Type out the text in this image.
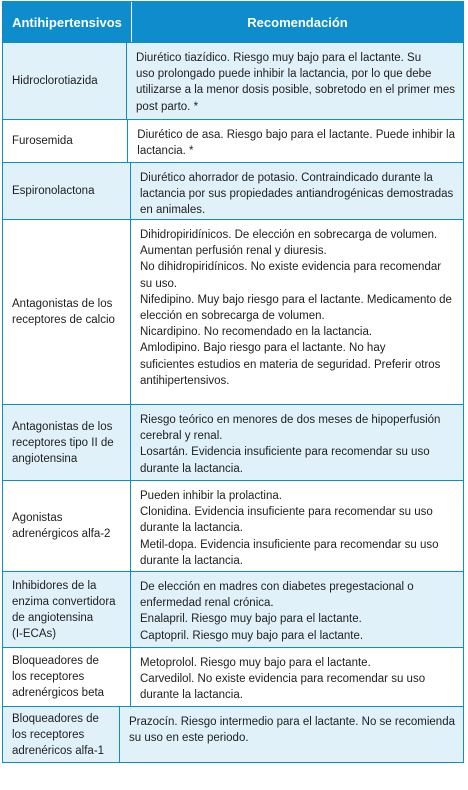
Antihipertensivos	Recomendación
Hidroclorotiazida
Diurético tiazídico. Riesgo muy bajo para el lactante. Su
uso prolongado puede inhibir la lactancia, por lo que debe
utilizarse a la menor dosis posible, sobretodo en el primer mes
post parto. *
Furosemida	Diurético de asa. Riesgo bajo para el lactante. Puede inhibir la
lactancia. *
Espironolactona
Diurético ahorrador de potasio. Contraindicado durante la
lactancia por sus propiedades antiandrogénicas demostradas
en animales.
Antagonistas de los
receptores de calcio
Dihidropiridínicos. De elección en sobrecarga de volumen.
Aumentan perfusión renal y diuresis.
No dihidropiridínicos. No existe evidencia para recomendar
su uso.
Nifedipino. Muy bajo riesgo para el lactante. Medicamento de
elección en sobrecarga de volumen.
Nicardipino. No recomendado en la lactancia.
Amlodipino. Bajo riesgo para el lactante. No hay
suficientes estudios en materia de seguridad. Preferir otros
antihipertensivos.
Antagonistas de los
receptores tipo II de
angiotensina
Riesgo teórico en menores de dos meses de hipoperfusión
cerebral y renal.
Losartán. Evidencia insuficiente para recomendar su uso
durante la lactancia.
Agonistas
adrenérgicos alfa-2
Pueden inhibir la prolactina.
Clonidina. Evidencia insuficiente para recomendar su uso
durante la lactancia.
Metil-dopa. Evidencia insuficiente para recomendar su uso
durante la lactancia.
Inhibidores de la
enzima convertidora
de angiotensina
(I-ECAs)
De elección en madres con diabetes pregestacional o
enfermedad renal crónica.
Enalapril. Riesgo muy bajo para el lactante.
Captopril. Riesgo muy bajo para el lactante.
Bloqueadores de
los receptores
adrenérgicos beta
Metoprolol. Riesgo muy bajo para el lactante.
Carvedilol. No existe evidencia para recomendar su uso
durante la lactancia.
Bloqueadores de
los receptores
adrenéricos alfa-1
Prazocín. Riesgo intermedio para el lactante. No se recomienda
su uso en este periodo.
